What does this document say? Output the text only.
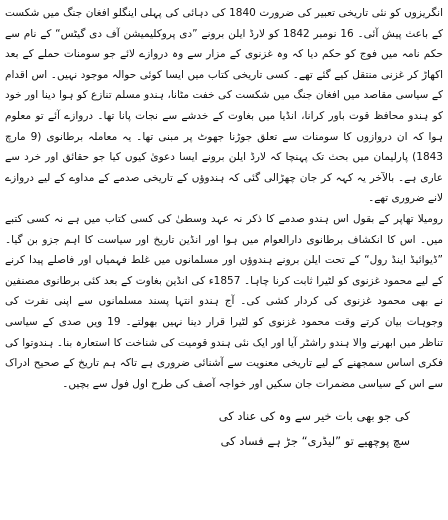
انگریزوں کو نئی تاریخی تعبیر کی ضرورت 1840 کی دہائی کی پہلی اینگلو افغان جنگ میں شکست کے باعث پیش آئی۔ 16 نومبر 1842 کو لارڈ ایلن برونے ”دی پروکلیمیشن آف دی گیٹس“ کے نام سے حکم نامہ میں فوج کو حکم دیا کہ وہ غزنوی کے مزار سے وہ دروازے لائے جو سومنات حملے کے بعد اکھاڑ کر غزنی منتقل کیے گئے تھے۔ کسی تاریخی کتاب میں ایسا کوئی حوالہ موجود نہیں۔ اس اقدام کے سیاسی مقاصد میں افغان جنگ میں شکست کی خفت مٹانا، ہندو مسلم تنازع کو ہوا دینا اور خود کو ہندو محافظ قوت باور کرانا، انڈیا میں بغاوت کے خدشے سے نجات پانا تھا۔ دروازے آئے تو معلوم ہوا کہ ان دروازوں کا سومنات سے تعلق جوڑنا جھوٹ پر مبنی تھا۔ یہ معاملہ برطانوی (9 مارچ 1843) پارلیمان میں بحث تک پہنچا کہ لارڈ ایلن برونے ایسا دعویٰ کیوں کیا جو حقائق اور خرد سے عاری ہے۔ بالآخر یہ کہہ کر جان چھڑالی گئی کہ ہندوؤں کے تاریخی صدمے کے مداوے کے لیے دروازے لانے ضروری تھے۔

رومیلا تھاپر کے بقول اس ہندو صدمے کا ذکر نہ عہد وسطیٰ کی کسی کتاب میں ہے نہ کسی کتبے میں۔ اس کا انکشاف برطانوی دارالعوام میں ہوا اور انڈین تاریخ اور سیاست کا اہم جزو بن گیا۔ ”ڈیوائیڈ اینڈ رول“ کے تحت ایلن برونے ہندوؤں اور مسلمانوں میں غلط فہمیاں اور فاصلے پیدا کرنے کے لیے محمود غزنوی کو لٹیرا ثابت کرنا چاہا۔ 1857ء کی انڈین بغاوت کے بعد کئی برطانوی مصنفین نے بھی محمود غزنوی کی کردار کشی کی۔ آج ہندو انتہا پسند مسلمانوں سے اپنی نفرت کی وجوہات بیان کرتے وقت محمود غزنوی کو لٹیرا قرار دینا نہیں بھولتے۔ 19 ویں صدی کے سیاسی تناظر میں ابھرنے والا ہندو راشٹر آیا اور ایک نئی ہندو قومیت کی شناخت کا استعارہ بنا۔ ہندوتوا کی فکری اساس سمجھنے کے لیے تاریخی معنویت سے آشنائی ضروری ہے تاکہ ہم تاریخ کے صحیح ادراک سے اس کے سیاسی مضمرات جان سکیں اور خواجہ آصف کی طرح اول فول سے بچیں۔

کی جو بھی بات خیر سے وہ کی عناد کی
سچ پوچھیے تو ”لیڈری“ جڑ ہے فساد کی
